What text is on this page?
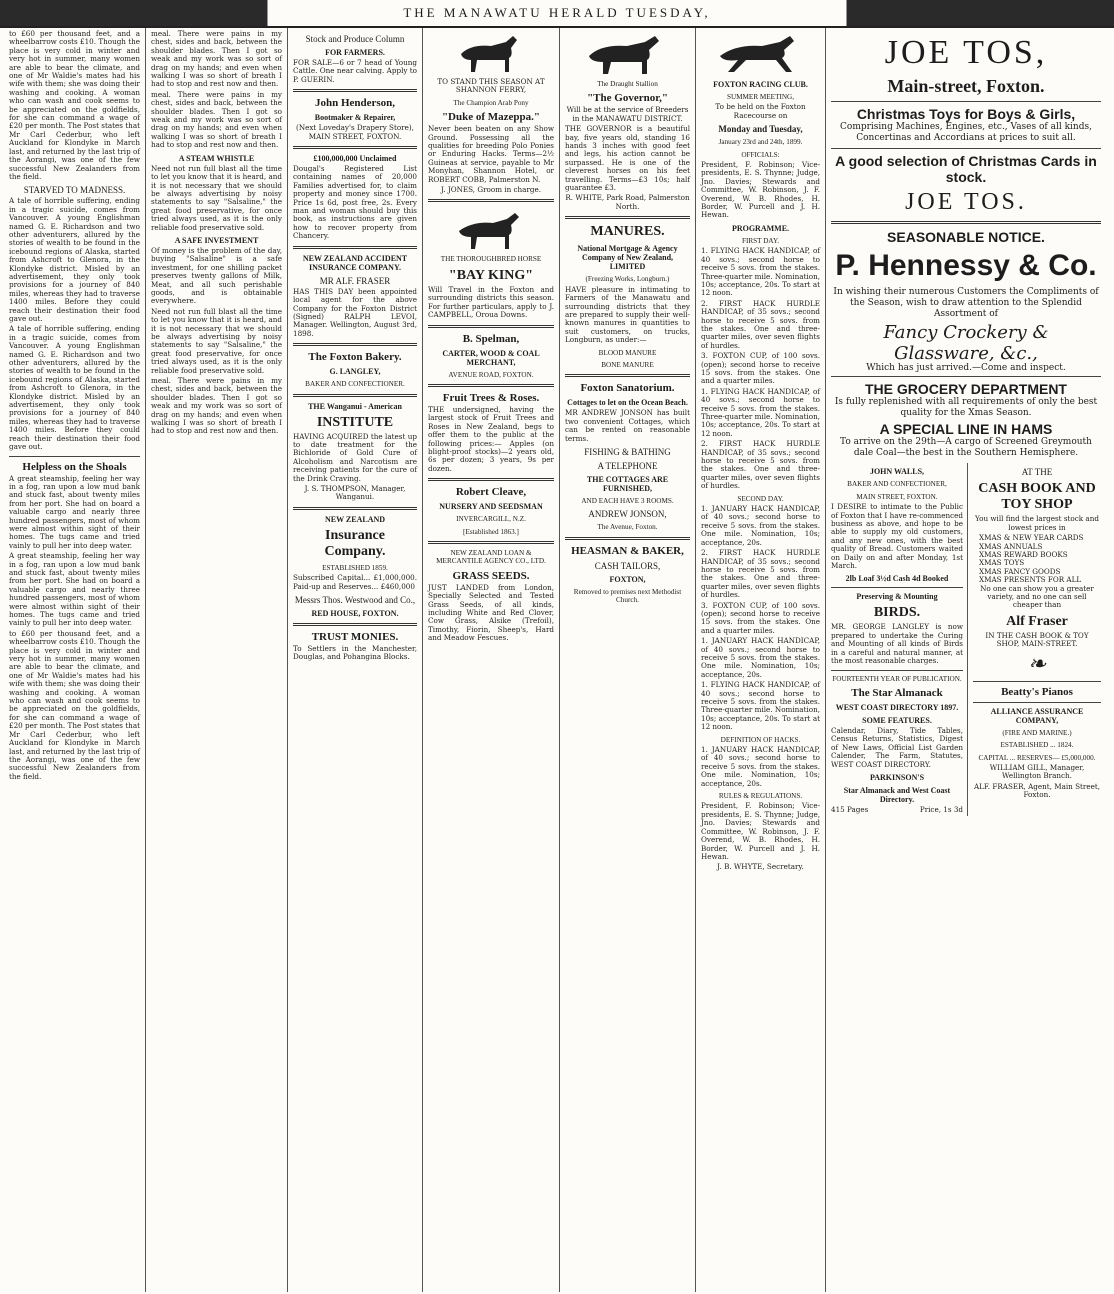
THE MANAWATU HERALD TUESDAY,

to £60 per thousand feet, and a wheelbarrow costs £10. Though the place is very cold in winter and very hot in summer, many women are able to bear the climate, and one of Mr Waldie's mates had his wife with them; she was doing their washing and cooking. A woman who can wash and cook seems to be appreciated on the goldfields, for she can command a wage of £20 per month. The Post states that Mr Carl Cederbur, who left Auckland for Klondyke in March last, and returned by the last trip of the Aorangi, was one of the few successful New Zealanders from the field.

STARVED TO MADNESS.

A tale of horrible suffering, ending in a tragic suicide, comes from Vancouver. A young Englishman named G. E. Richardson and two other adventurers, allured by the stories of wealth to be found in the icebound regions of Alaska, started from Ashcroft to Glenora, in the Klondyke district. Misled by an advertisement, they only took provisions for a journey of 840 miles, whereas they had to traverse 1400 miles. Before they could reach their destination their food gave out.

A tale of horrible suffering, ending in a tragic suicide, comes from Vancouver. A young Englishman named G. E. Richardson and two other adventurers, allured by the stories of wealth to be found in the icebound regions of Alaska, started from Ashcroft to Glenora, in the Klondyke district. Misled by an advertisement, they only took provisions for a journey of 840 miles, whereas they had to traverse 1400 miles. Before they could reach their destination their food gave out.

Helpless on the Shoals

A great steamship, feeling her way in a fog, ran upon a low mud bank and stuck fast, about twenty miles from her port. She had on board a valuable cargo and nearly three hundred passengers, most of whom were almost within sight of their homes. The tugs came and tried vainly to pull her into deep water.

A great steamship, feeling her way in a fog, ran upon a low mud bank and stuck fast, about twenty miles from her port. She had on board a valuable cargo and nearly three hundred passengers, most of whom were almost within sight of their homes. The tugs came and tried vainly to pull her into deep water.

to £60 per thousand feet, and a wheelbarrow costs £10. Though the place is very cold in winter and very hot in summer, many women are able to bear the climate, and one of Mr Waldie's mates had his wife with them; she was doing their washing and cooking. A woman who can wash and cook seems to be appreciated on the goldfields, for she can command a wage of £20 per month. The Post states that Mr Carl Cederbur, who left Auckland for Klondyke in March last, and returned by the last trip of the Aorangi, was one of the few successful New Zealanders from the field.

meal. There were pains in my chest, sides and back, between the shoulder blades. Then I got so weak and my work was so sort of drag on my hands; and even when walking I was so short of breath I had to stop and rest now and then.

meal. There were pains in my chest, sides and back, between the shoulder blades. Then I got so weak and my work was so sort of drag on my hands; and even when walking I was so short of breath I had to stop and rest now and then.

A STEAM WHISTLE

Need not run full blast all the time to let you know that it is heard, and it is not necessary that we should be always advertising by noisy statements to say "Salsaline," the great food preservative, for once tried always used, as it is the only reliable food preservative sold.

A SAFE INVESTMENT

Of money is the problem of the day, buying "Salsaline" is a safe investment, for one shilling packet preserves twenty gallons of Milk, Meat, and all such perishable goods, and is obtainable everywhere.

Need not run full blast all the time to let you know that it is heard, and it is not necessary that we should be always advertising by noisy statements to say "Salsaline," the great food preservative, for once tried always used, as it is the only reliable food preservative sold.

meal. There were pains in my chest, sides and back, between the shoulder blades. Then I got so weak and my work was so sort of drag on my hands; and even when walking I was so short of breath I had to stop and rest now and then.

Stock and Produce Column
FOR FARMERS.

FOR SALE—6 or 7 head of Young Cattle. One near calving. Apply to P. GUERIN.

John Henderson,
Bootmaker & Repairer,

(Next Loveday's Drapery Store), MAIN STREET, FOXTON.

£100,000,000 Unclaimed

Dougal's Registered List containing names of 20,000 Families advertised for, to claim property and money since 1700. Price 1s 6d, post free, 2s. Every man and woman should buy this book, as instructions are given how to recover property from Chancery.

NEW ZEALAND ACCIDENT INSURANCE COMPANY.
MR ALF. FRASER

HAS THIS DAY been appointed local agent for the above Company for the Foxton District (Signed) RALPH LEVOI, Manager. Wellington, August 3rd, 1898.

The Foxton Bakery.
G. LANGLEY,
BAKER AND CONFECTIONER.
THE Wanganui - American
INSTITUTE

HAVING ACQUIRED the latest up to date treatment for the Bichloride of Gold Cure of Alcoholism and Narcotism are receiving patients for the cure of the Drink Craving.

J. S. THOMPSON, Manager, Wanganui.

NEW ZEALAND
Insurance Company.
ESTABLISHED 1859.

Subscribed Capital... £1,000,000. Paid-up and Reserves... £460,000

Messrs Thos. Westwood and Co.,
RED HOUSE, FOXTON.
TRUST MONIES.

To Settlers in the Manchester, Douglas, and Pohangina Blocks.

TO STAND THIS SEASON AT SHANNON FERRY,

The Champion Arab Pony
"Duke of Mazeppa."

Never been beaten on any Show Ground. Possessing all the qualities for breeding Polo Ponies or Enduring Hacks. Terms—2½ Guineas at service, payable to Mr Monyhan, Shannon Hotel, or ROBERT COBB, Palmerston N.

J. JONES, Groom in charge.

THE THOROUGHBRED HORSE
"BAY KING"

Will Travel in the Foxton and surrounding districts this season. For further particulars, apply to J. CAMPBELL, Oroua Downs.

B. Spelman,
CARTER, WOOD & COAL MERCHANT,
AVENUE ROAD, FOXTON.
Fruit Trees & Roses.

THE undersigned, having the largest stock of Fruit Trees and Roses in New Zealand, begs to offer them to the public at the following prices:— Apples (on blight-proof stocks)—2 years old, 6s per dozen; 3 years, 9s per dozen.

Robert Cleave,
NURSERY AND SEEDSMAN
INVERCARGILL, N.Z.
[Established 1863.]
NEW ZEALAND LOAN & MERCANTILE AGENCY CO., LTD.
GRASS SEEDS.

JUST LANDED from London, Specially Selected and Tested Grass Seeds, of all kinds, including White and Red Clover, Cow Grass, Alsike (Trefoil), Timothy, Fiorin, Sheep's, Hard and Meadow Fescues.

The Draught Stallion
"The Governor,"

Will be at the service of Breeders in the MANAWATU DISTRICT.

THE GOVERNOR is a beautiful bay, five years old, standing 16 hands 3 inches with good feet and legs, his action cannot be surpassed. He is one of the cleverest horses on his feet travelling. Terms—£3 10s; half guarantee £3.

R. WHITE, Park Road, Palmerston North.

MANURES.
National Mortgage & Agency Company of New Zealand, LIMITED
(Freezing Works, Longburn.)

HAVE pleasure in intimating to Farmers of the Manawatu and surrounding districts that they are prepared to supply their well-known manures in quantities to suit customers, on trucks, Longburn, as under:—

BLOOD MANURE
BONE MANURE
Foxton Sanatorium.
Cottages to let on the Ocean Beach.

MR ANDREW JONSON has built two convenient Cottages, which can be rented on reasonable terms.

FISHING & BATHING
A TELEPHONE
THE COTTAGES ARE FURNISHED,
AND EACH HAVE 3 ROOMS.
ANDREW JONSON,
The Avenue, Foxton.
HEASMAN & BAKER,
CASH TAILORS,
FOXTON,
Removed to premises next Methodist Church.
FOXTON RACING CLUB.
SUMMER MEETING,

To be held on the Foxton Racecourse on

Monday and Tuesday,
January 23rd and 24th, 1899.
OFFICIALS:

President, F. Robinson; Vice-presidents, E. S. Thynne; Judge, Jno. Davies; Stewards and Committee, W. Robinson, J. F. Overend, W. B. Rhodes, H. Border, W. Purcell and J. H. Hewan.

PROGRAMME.
FIRST DAY.

1. FLYING HACK HANDICAP, of 40 sovs.; second horse to receive 5 sovs. from the stakes. Three-quarter mile. Nomination, 10s; acceptance, 20s. To start at 12 noon.

2. FIRST HACK HURDLE HANDICAP, of 35 sovs.; second horse to receive 5 sovs. from the stakes. One and three-quarter miles, over seven flights of hurdles.

3. FOXTON CUP, of 100 sovs. (open); second horse to receive 15 sovs. from the stakes. One and a quarter miles.

1. FLYING HACK HANDICAP, of 40 sovs.; second horse to receive 5 sovs. from the stakes. Three-quarter mile. Nomination, 10s; acceptance, 20s. To start at 12 noon.

2. FIRST HACK HURDLE HANDICAP, of 35 sovs.; second horse to receive 5 sovs. from the stakes. One and three-quarter miles, over seven flights of hurdles.

SECOND DAY.

1. JANUARY HACK HANDICAP, of 40 sovs.; second horse to receive 5 sovs. from the stakes. One mile. Nomination, 10s; acceptance, 20s.

2. FIRST HACK HURDLE HANDICAP, of 35 sovs.; second horse to receive 5 sovs. from the stakes. One and three-quarter miles, over seven flights of hurdles.

3. FOXTON CUP, of 100 sovs. (open); second horse to receive 15 sovs. from the stakes. One and a quarter miles.

1. JANUARY HACK HANDICAP, of 40 sovs.; second horse to receive 5 sovs. from the stakes. One mile. Nomination, 10s; acceptance, 20s.

1. FLYING HACK HANDICAP, of 40 sovs.; second horse to receive 5 sovs. from the stakes. Three-quarter mile. Nomination, 10s; acceptance, 20s. To start at 12 noon.

DEFINITION OF HACKS.

1. JANUARY HACK HANDICAP, of 40 sovs.; second horse to receive 5 sovs. from the stakes. One mile. Nomination, 10s; acceptance, 20s.

RULES & REGULATIONS.

President, F. Robinson; Vice-presidents, E. S. Thynne; Judge, Jno. Davies; Stewards and Committee, W. Robinson, J. F. Overend, W. B. Rhodes, H. Border, W. Purcell and J. H. Hewan.

J. B. WHYTE, Secretary.

JOE TOS,
Main-street, Foxton.
Christmas Toys for Boys & Girls,

Comprising Machines, Engines, etc., Vases of all kinds, Concertinas and Accordians at prices to suit all.

A good selection of Christmas Cards in stock.
JOE TOS.
SEASONABLE NOTICE.
P. Hennessy & Co.

In wishing their numerous Customers the Compliments of the Season, wish to draw attention to the Splendid Assortment of

Fancy Crockery & Glassware, &c.,

Which has just arrived.—Come and inspect.

THE GROCERY DEPARTMENT

Is fully replenished with all requirements of only the best quality for the Xmas Season.

A SPECIAL LINE IN HAMS

To arrive on the 29th—A cargo of Screened Greymouth dale Coal—the best in the Southern Hemisphere.

JOHN WALLS,
BAKER AND CONFECTIONER,
MAIN STREET, FOXTON.

I DESIRE to intimate to the Public of Foxton that I have re-commenced business as above, and hope to be able to supply my old customers, and any new ones, with the best quality of Bread. Customers waited on Daily on and after Monday, 1st March.

2lb Loaf 3½d Cash 4d Booked
Preserving & Mounting
BIRDS.

MR. GEORGE LANGLEY is now prepared to undertake the Curing and Mounting of all kinds of Birds in a careful and natural manner, at the most reasonable charges.

FOURTEENTH YEAR OF PUBLICATION.
The Star Almanack
WEST COAST DIRECTORY 1897.
SOME FEATURES.

Calendar, Diary, Tide Tables, Census Returns, Statistics, Digest of New Laws, Official List Garden Calender, The Farm, Statutes, WEST COAST DIRECTORY.

PARKINSON'S
Star Almanack and West Coast Directory.
415 Pages	Price, 1s 3d
AT THE
CASH BOOK AND TOY SHOP

You will find the largest stock and lowest prices in

XMAS & NEW YEAR CARDS
XMAS ANNUALS
XMAS REWARD BOOKS
XMAS TOYS
XMAS FANCY GOODS
XMAS PRESENTS FOR ALL

No one can show you a greater variety, and no one can sell cheaper than

Alf Fraser

IN THE CASH BOOK & TOY SHOP, MAIN-STREET.

❧
Beatty's Pianos
ALLIANCE ASSURANCE COMPANY,
(FIRE AND MARINE.)
ESTABLISHED ... 1824.
CAPITAL ... RESERVES— £5,000,000.

WILLIAM GILL, Manager, Wellington Branch.

ALF. FRASER, Agent, Main Street, Foxton.
